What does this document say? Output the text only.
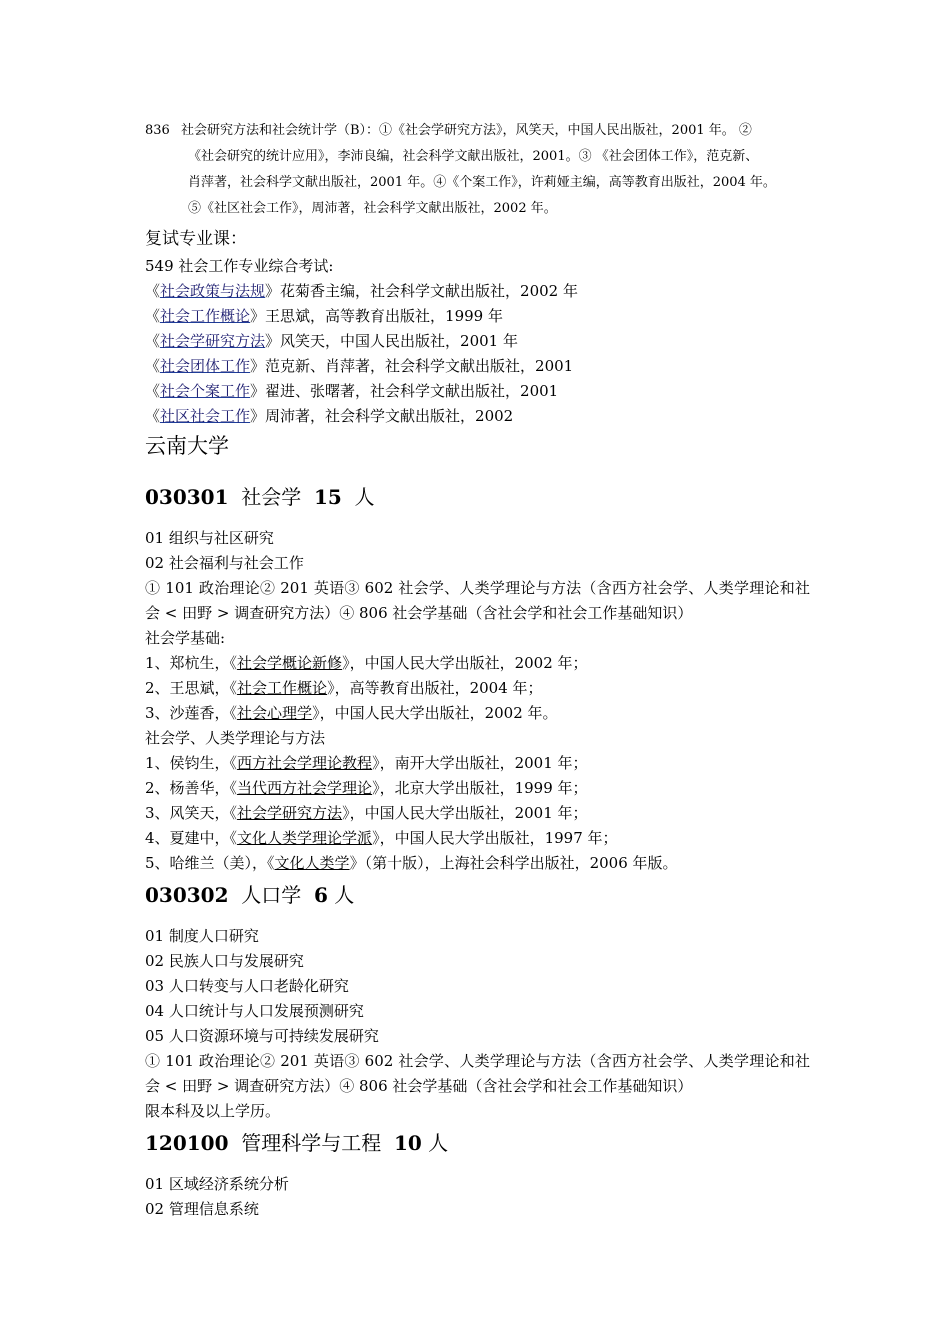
836 社会研究方法和社会统计学（B）：①《社会学研究方法》，风笑天，中国人民出版社，2001 年。 ②
《社会研究的统计应用》，李沛良编，社会科学文献出版社，2001。③ 《社会团体工作》，范克新、
肖萍著，社会科学文献出版社，2001 年。④《个案工作》，许莉娅主编，高等教育出版社，2004 年。
⑤《社区社会工作》，周沛著，社会科学文献出版社，2002 年。
复试专业课：
549 社会工作专业综合考试:
《社会政策与法规》花菊香主编，社会科学文献出版社，2002 年
《社会工作概论》王思斌，高等教育出版社，1999 年
《社会学研究方法》风笑天，中国人民出版社，2001 年
《社会团体工作》范克新、肖萍著，社会科学文献出版社，2001
《社会个案工作》翟进、张曙著，社会科学文献出版社，2001
《社区社会工作》周沛著，社会科学文献出版社，2002
云南大学
030301 社会学 15 人
01 组织与社区研究
02 社会福利与社会工作
① 101 政治理论② 201 英语③ 602 社会学、人类学理论与方法（含西方社会学、人类学理论和社会 < 田野 > 调查研究方法）④ 806 社会学基础（含社会学和社会工作基础知识）
社会学基础:
1、郑杭生，《社会学概论新修》，中国人民大学出版社，2002 年；
2、王思斌，《社会工作概论》，高等教育出版社，2004 年；
3、沙莲香，《社会心理学》，中国人民大学出版社，2002 年。
社会学、人类学理论与方法
1、侯钧生，《西方社会学理论教程》，南开大学出版社，2001 年；
2、杨善华，《当代西方社会学理论》，北京大学出版社，1999 年；
3、风笑天，《社会学研究方法》，中国人民大学出版社，2001 年；
4、夏建中，《文化人类学理论学派》，中国人民大学出版社，1997 年；
5、哈维兰（美），《文化人类学》（第十版），上海社会科学出版社，2006 年版。
030302 人口学 6 人
01 制度人口研究
02 民族人口与发展研究
03 人口转变与人口老龄化研究
04 人口统计与人口发展预测研究
05 人口资源环境与可持续发展研究
① 101 政治理论② 201 英语③ 602 社会学、人类学理论与方法（含西方社会学、人类学理论和社会 < 田野 > 调查研究方法）④ 806 社会学基础（含社会学和社会工作基础知识）
限本科及以上学历。
120100 管理科学与工程 10 人
01 区域经济系统分析
02 管理信息系统
